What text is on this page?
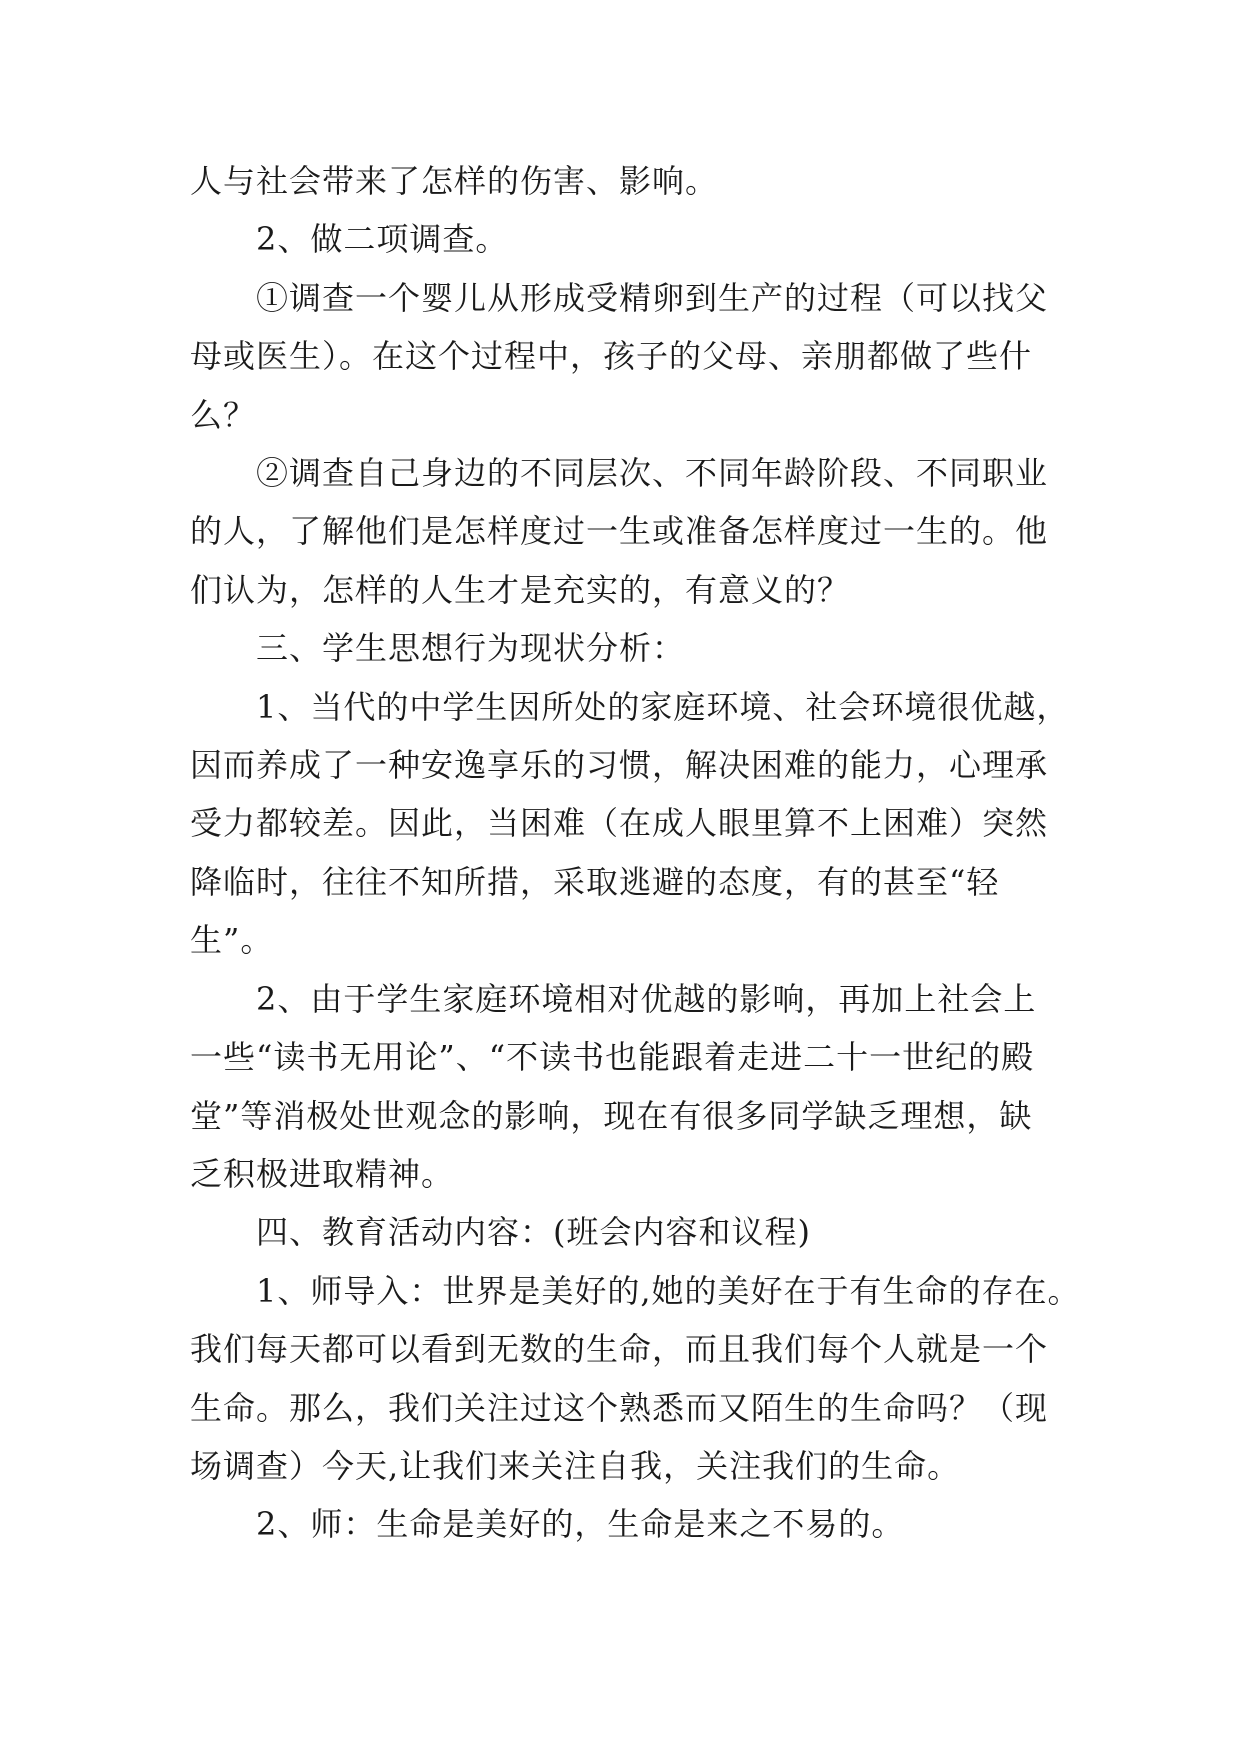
人与社会带来了怎样的伤害、影响。
　　2、做二项调查。
　　①调查一个婴儿从形成受精卵到生产的过程（可以找父
母或医生）。在这个过程中，孩子的父母、亲朋都做了些什
么？
　　②调查自己身边的不同层次、不同年龄阶段、不同职业
的人，了解他们是怎样度过一生或准备怎样度过一生的。他
们认为，怎样的人生才是充实的，有意义的？
　　三、学生思想行为现状分析：
　　1、当代的中学生因所处的家庭环境、社会环境很优越，
因而养成了一种安逸享乐的习惯，解决困难的能力，心理承
受力都较差。因此，当困难（在成人眼里算不上困难）突然
降临时，往往不知所措，采取逃避的态度，有的甚至“轻
生”。
　　2、由于学生家庭环境相对优越的影响，再加上社会上
一些“读书无用论”、“不读书也能跟着走进二十一世纪的殿
堂”等消极处世观念的影响，现在有很多同学缺乏理想，缺
乏积极进取精神。
　　四、教育活动内容：(班会内容和议程)
　　1、师导入：世界是美好的,她的美好在于有生命的存在。
我们每天都可以看到无数的生命，而且我们每个人就是一个
生命。那么，我们关注过这个熟悉而又陌生的生命吗？（现
场调查）今天,让我们来关注自我，关注我们的生命。
　　2、师：生命是美好的，生命是来之不易的。
